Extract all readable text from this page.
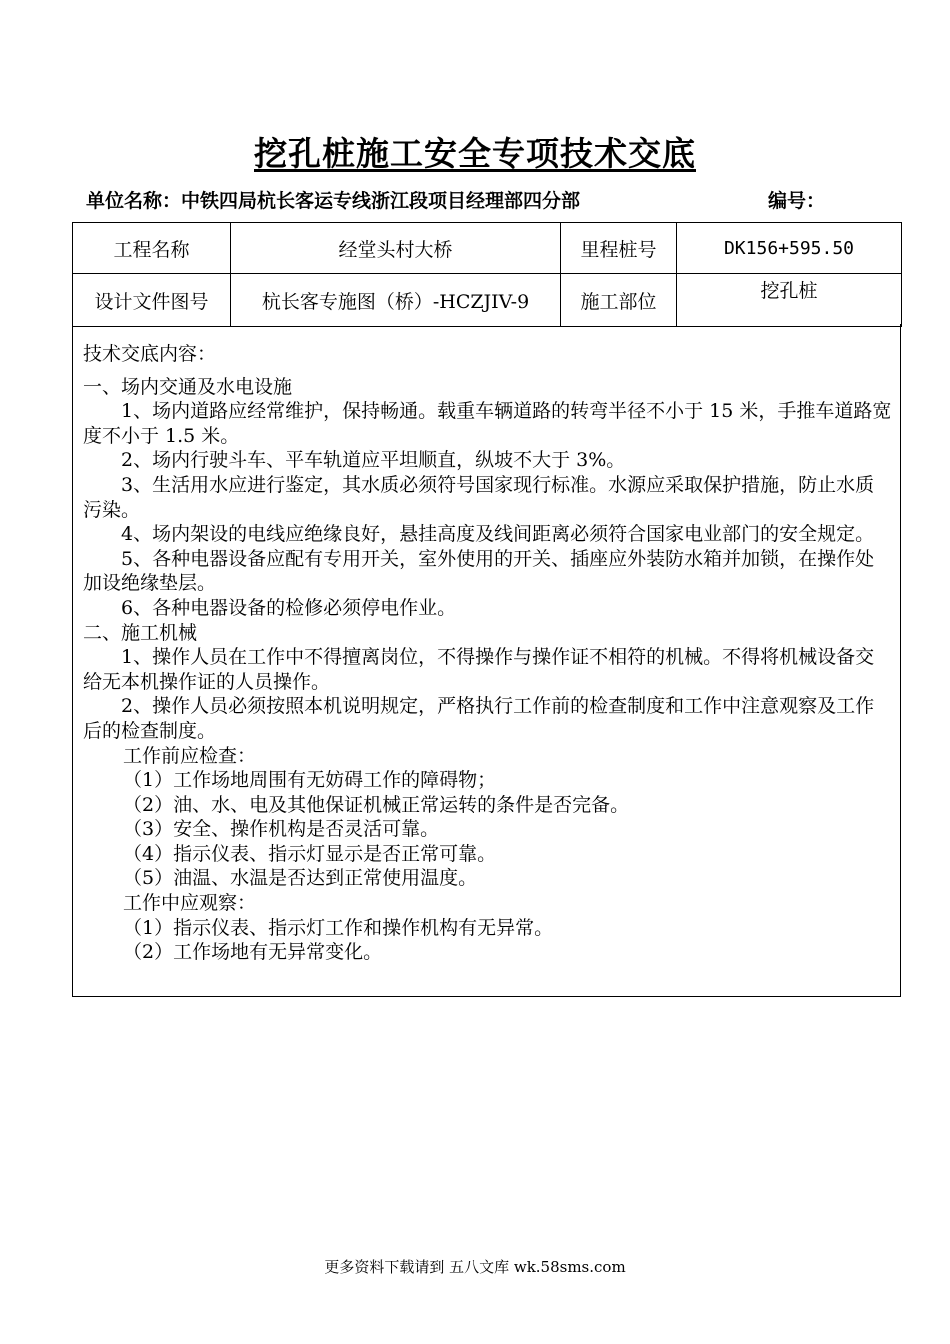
挖孔桩施工安全专项技术交底
单位名称：中铁四局杭长客运专线浙江段项目经理部四分部	编号：
工程名称	经堂头村大桥	里程桩号	DK156+595.50
设计文件图号	杭长客专施图（桥）-HCZJIV-9	施工部位	挖孔桩

技术交底内容：

一、场内交通及水电设施

1、场内道路应经常维护，保持畅通。载重车辆道路的转弯半径不小于 15 米，手推车道路宽度不小于 1.5 米。

2、场内行驶斗车、平车轨道应平坦顺直，纵坡不大于 3%。

3、生活用水应进行鉴定，其水质必须符号国家现行标准。水源应采取保护措施，防止水质污染。

4、场内架设的电线应绝缘良好，悬挂高度及线间距离必须符合国家电业部门的安全规定。

5、各种电器设备应配有专用开关，室外使用的开关、插座应外装防水箱并加锁，在操作处加设绝缘垫层。

6、各种电器设备的检修必须停电作业。

二、施工机械

1、操作人员在工作中不得擅离岗位，不得操作与操作证不相符的机械。不得将机械设备交给无本机操作证的人员操作。

2、操作人员必须按照本机说明规定，严格执行工作前的检查制度和工作中注意观察及工作后的检查制度。

工作前应检查：

（1）工作场地周围有无妨碍工作的障碍物；

（2）油、水、电及其他保证机械正常运转的条件是否完备。

（3）安全、操作机构是否灵活可靠。

（4）指示仪表、指示灯显示是否正常可靠。

（5）油温、水温是否达到正常使用温度。

工作中应观察：

（1）指示仪表、指示灯工作和操作机构有无异常。

（2）工作场地有无异常变化。

更多资料下载请到 五八文库 wk.58sms.com
